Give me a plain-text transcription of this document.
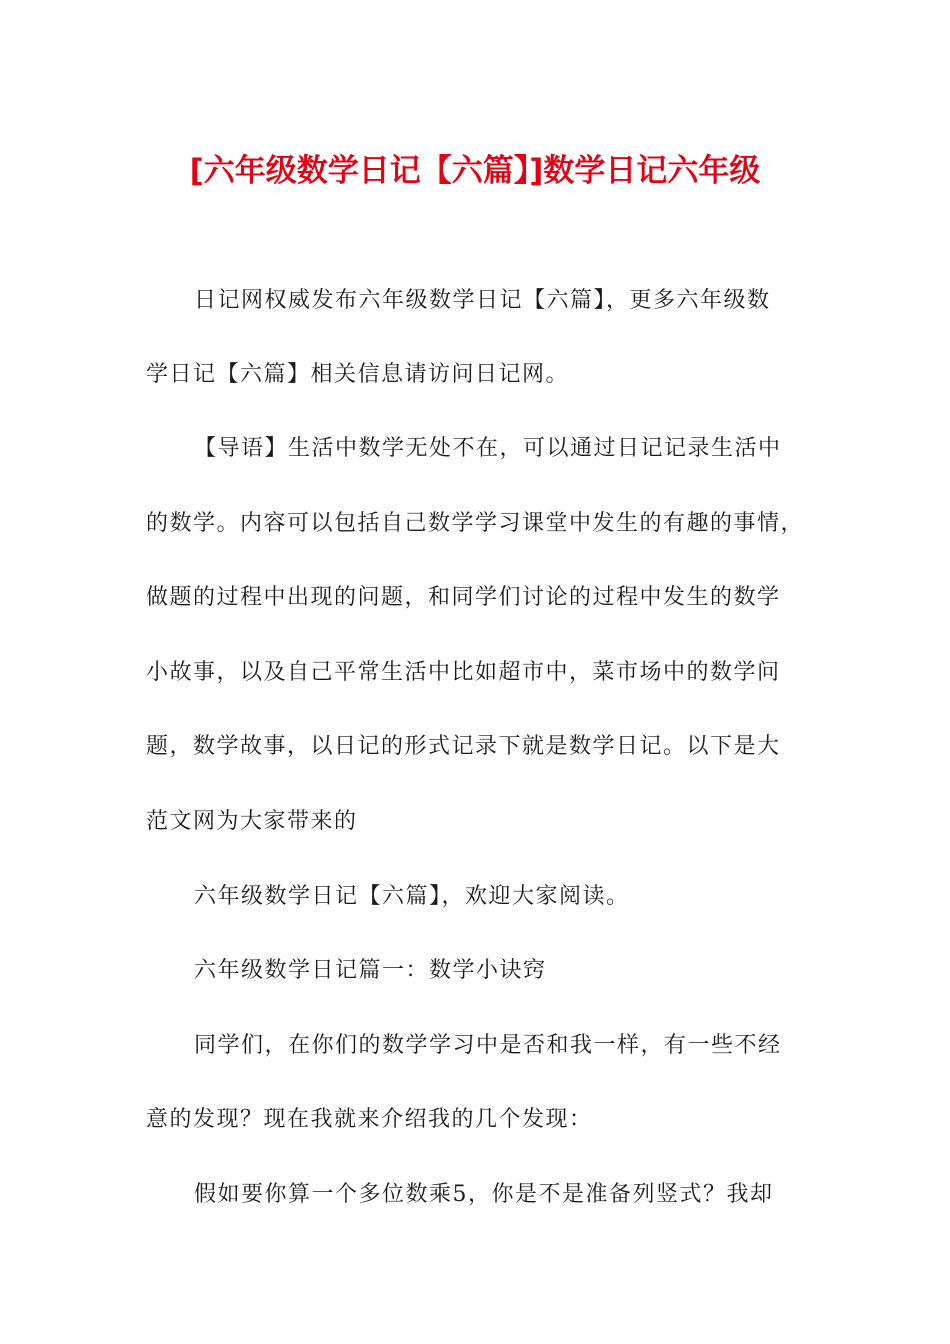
[六年级数学日记【六篇】]数学日记六年级
日记网权威发布六年级数学日记【六篇】，更多六年级数
学日记【六篇】相关信息请访问日记网。
【导语】生活中数学无处不在，可以通过日记记录生活中
的数学。内容可以包括自己数学学习课堂中发生的有趣的事情，
做题的过程中出现的问题，和同学们讨论的过程中发生的数学
小故事，以及自己平常生活中比如超市中，菜市场中的数学问
题，数学故事，以日记的形式记录下就是数学日记。以下是大
范文网为大家带来的
六年级数学日记【六篇】，欢迎大家阅读。
六年级数学日记篇一：数学小诀窍
同学们，在你们的数学学习中是否和我一样，有一些不经
意的发现？现在我就来介绍我的几个发现：
假如要你算一个多位数乘5，你是不是准备列竖式？我却
